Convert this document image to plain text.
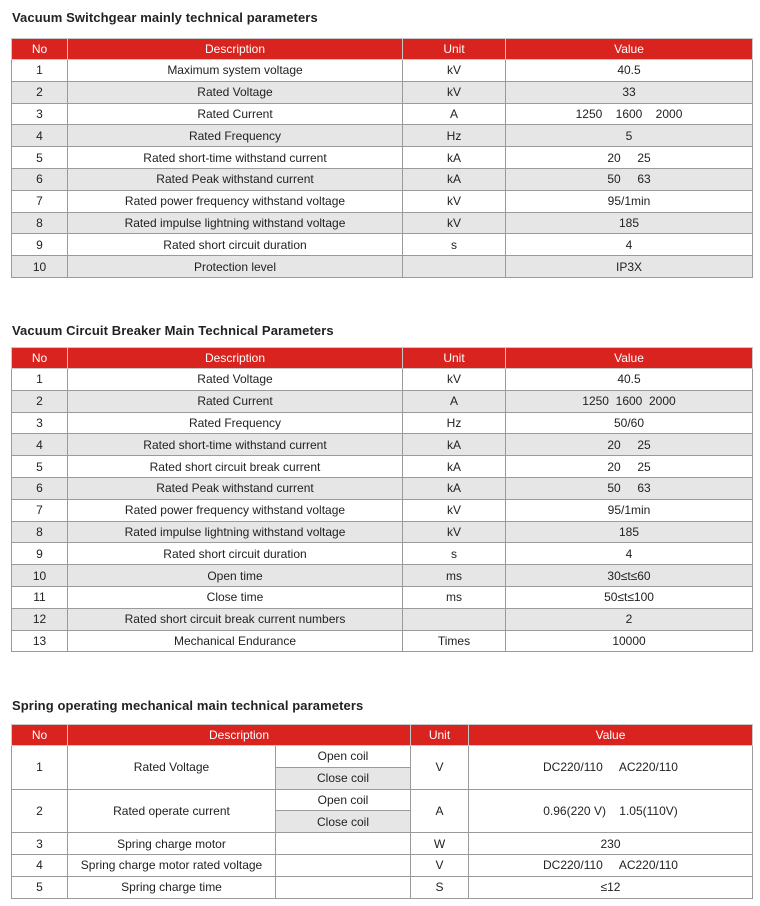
Vacuum Switchgear mainly technical parameters
No	Description	Unit	Value
1	Maximum system voltage	kV	40.5
2	Rated Voltage	kV	33
3	Rated Current	A	1250    1600    2000
4	Rated Frequency	Hz	5
5	Rated short-time withstand current	kA	20     25
6	Rated Peak withstand current	kA	50     63
7	Rated power frequency withstand voltage	kV	95/1min
8	Rated impulse lightning withstand voltage	kV	185
9	Rated short circuit duration	s	4
10	Protection level		IP3X
Vacuum Circuit Breaker Main Technical Parameters
No	Description	Unit	Value
1	Rated Voltage	kV	40.5
2	Rated Current	A	1250  1600  2000
3	Rated Frequency	Hz	50/60
4	Rated short-time withstand current	kA	20     25
5	Rated short circuit break current	kA	20     25
6	Rated Peak withstand current	kA	50     63
7	Rated power frequency withstand voltage	kV	95/1min
8	Rated impulse lightning withstand voltage	kV	185
9	Rated short circuit duration	s	4
10	Open time	ms	30≤t≤60
11	Close time	ms	50≤t≤100
12	Rated short circuit break current numbers		2
13	Mechanical Endurance	Times	10000
Spring operating mechanical main technical parameters
No	Description		Unit	Value
1	Rated Voltage	Open coil	V	DC220/110     AC220/110
		Close coil		
2	Rated operate current	Open coil	A	0.96(220 V)    1.05(110V)
		Close coil		
3	Spring charge motor		W	230
4	Spring charge motor rated voltage		V	DC220/110     AC220/110
5	Spring charge time		S	≤12
